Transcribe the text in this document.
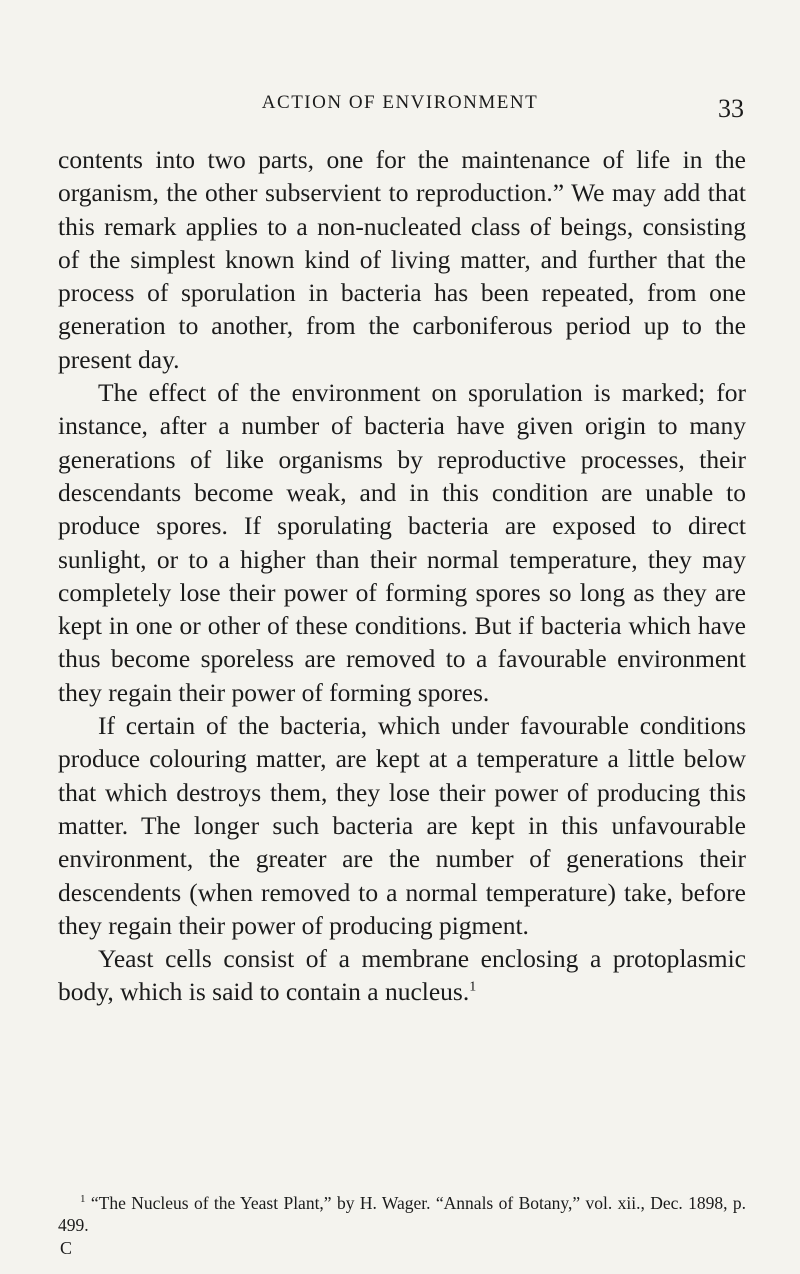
ACTION OF ENVIRONMENT	33

contents into two parts, one for the maintenance of life in the organism, the other subservient to reproduction.” We may add that this remark applies to a non-nucleated class of beings, consisting of the simplest known kind of living matter, and further that the process of sporulation in bacteria has been repeated, from one generation to another, from the carboniferous period up to the present day.

The effect of the environment on sporulation is marked; for instance, after a number of bacteria have given origin to many generations of like organisms by reproductive processes, their descendants become weak, and in this condition are unable to produce spores. If sporulating bacteria are exposed to direct sunlight, or to a higher than their normal temperature, they may completely lose their power of forming spores so long as they are kept in one or other of these conditions. But if bacteria which have thus become sporeless are removed to a favourable environment they regain their power of forming spores.

If certain of the bacteria, which under favourable conditions produce colouring matter, are kept at a temperature a little below that which destroys them, they lose their power of producing this matter. The longer such bacteria are kept in this unfavourable environment, the greater are the number of generations their descendents (when removed to a normal temperature) take, before they regain their power of producing pigment.

Yeast cells consist of a membrane enclosing a protoplasmic body, which is said to contain a nucleus.$^1$

$^1$ “The Nucleus of the Yeast Plant,” by H. Wager. “Annals of Botany,” vol. xii., Dec. 1898, p. 499.
C
